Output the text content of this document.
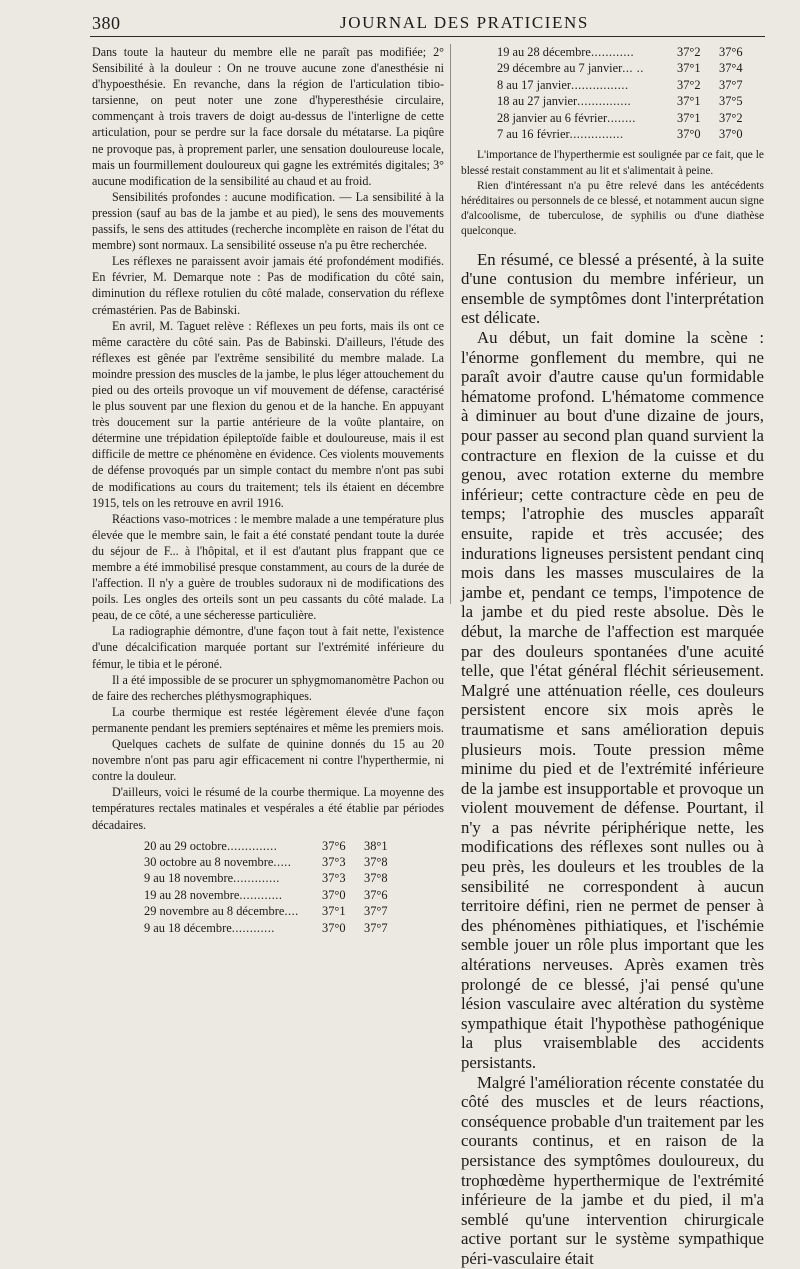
380	JOURNAL DES PRATICIENS

Dans toute la hauteur du membre elle ne paraît pas modifiée; 2° Sensibilité à la douleur : On ne trouve aucune zone d'anesthésie ni d'hypoesthésie. En revanche, dans la région de l'articulation tibio-tarsienne, on peut noter une zone d'hyperesthésie circulaire, commençant à trois travers de doigt au-dessus de l'interligne de cette articulation, pour se perdre sur la face dorsale du métatarse. La piqûre ne provoque pas, à proprement parler, une sensation douloureuse locale, mais un fourmillement douloureux qui gagne les extrémités digitales; 3° aucune modification de la sensibilité au chaud et au froid.

Sensibilités profondes : aucune modification. — La sensibilité à la pression (sauf au bas de la jambe et au pied), le sens des mouvements passifs, le sens des attitudes (recherche incomplète en raison de l'état du membre) sont normaux. La sensibilité osseuse n'a pu être recherchée.

Les réflexes ne paraissent avoir jamais été profondément modifiés. En février, M. Demarque note : Pas de modification du côté sain, diminution du réflexe rotulien du côté malade, conservation du réflexe crémastérien. Pas de Babinski.

En avril, M. Taguet relève : Réflexes un peu forts, mais ils ont ce même caractère du côté sain. Pas de Babinski. D'ailleurs, l'étude des réflexes est gênée par l'extrême sensibilité du membre malade. La moindre pression des muscles de la jambe, le plus léger attouchement du pied ou des orteils provoque un vif mouvement de défense, caractérisé le plus souvent par une flexion du genou et de la hanche. En appuyant très doucement sur la partie antérieure de la voûte plantaire, on détermine une trépidation épileptoïde faible et douloureuse, mais il est difficile de mettre ce phénomène en évidence. Ces violents mouvements de défense provoqués par un simple contact du membre n'ont pas subi de modifications au cours du traitement; tels ils étaient en décembre 1915, tels on les retrouve en avril 1916.

Réactions vaso-motrices : le membre malade a une température plus élevée que le membre sain, le fait a été constaté pendant toute la durée du séjour de F... à l'hôpital, et il est d'autant plus frappant que ce membre a été immobilisé presque constamment, au cours de la durée de l'affection. Il n'y a guère de troubles sudoraux ni de modifications des poils. Les ongles des orteils sont un peu cassants du côté malade. La peau, de ce côté, a une sécheresse particulière.

La radiographie démontre, d'une façon tout à fait nette, l'existence d'une décalcification marquée portant sur l'extrémité inférieure du fémur, le tibia et le péroné.

Il a été impossible de se procurer un sphygmomanomètre Pachon ou de faire des recherches pléthysmographiques.

La courbe thermique est restée légèrement élevée d'une façon permanente pendant les premiers septénaires et même les premiers mois.

Quelques cachets de sulfate de quinine donnés du 15 au 20 novembre n'ont pas paru agir efficacement ni contre l'hyperthermie, ni contre la douleur.

D'ailleurs, voici le résumé de la courbe thermique. La moyenne des températures rectales matinales et vespérales a été établie par périodes décadaires.

20 au 29 octobre..............	37°6	38°1
30 octobre au 8 novembre.....	37°3	37°8
9 au 18 novembre.............	37°3	37°8
19 au 28 novembre............	37°0	37°6
29 novembre au 8 décembre....	37°1	37°7
9 au 18 décembre............	37°0	37°7
19 au 28 décembre............	37°2	37°6
29 décembre au 7 janvier... ..	37°1	37°4
8 au 17 janvier................	37°2	37°7
18 au 27 janvier...............	37°1	37°5
28 janvier au 6 février........	37°1	37°2
7 au 16 février...............	37°0	37°0

L'importance de l'hyperthermie est soulignée par ce fait, que le blessé restait constamment au lit et s'alimentait à peine.

Rien d'intéressant n'a pu être relevé dans les antécédents héréditaires ou personnels de ce blessé, et notamment aucun signe d'alcoolisme, de tuberculose, de syphilis ou d'une diathèse quelconque.

En résumé, ce blessé a présenté, à la suite d'une contusion du membre inférieur, un ensemble de symptômes dont l'interprétation est délicate.

Au début, un fait domine la scène : l'énorme gonflement du membre, qui ne paraît avoir d'autre cause qu'un formidable hématome profond. L'hématome commence à diminuer au bout d'une dizaine de jours, pour passer au second plan quand survient la contracture en flexion de la cuisse et du genou, avec rotation externe du membre inférieur; cette contracture cède en peu de temps; l'atrophie des muscles apparaît ensuite, rapide et très accusée; des indurations ligneuses persistent pendant cinq mois dans les masses musculaires de la jambe et, pendant ce temps, l'impotence de la jambe et du pied reste absolue. Dès le début, la marche de l'affection est marquée par des douleurs spontanées d'une acuité telle, que l'état général fléchit sérieusement. Malgré une atténuation réelle, ces douleurs persistent encore six mois après le traumatisme et sans amélioration depuis plusieurs mois. Toute pression même minime du pied et de l'extrémité inférieure de la jambe est insupportable et provoque un violent mouvement de défense. Pourtant, il n'y a pas névrite périphérique nette, les modifications des réflexes sont nulles ou à peu près, les douleurs et les troubles de la sensibilité ne correspondent à aucun territoire défini, rien ne permet de penser à des phénomènes pithiatiques, et l'ischémie semble jouer un rôle plus important que les altérations nerveuses. Après examen très prolongé de ce blessé, j'ai pensé qu'une lésion vasculaire avec altération du système sympathique était l'hypothèse pathogénique la plus vraisemblable des accidents persistants.

Malgré l'amélioration récente constatée du côté des muscles et de leurs réactions, conséquence probable d'un traitement par les courants continus, et en raison de la persistance des symptômes douloureux, du trophœdème hyperthermique de l'extrémité inférieure de la jambe et du pied, il m'a semblé qu'une intervention chirurgicale active portant sur le système sympathique péri-vasculaire était
